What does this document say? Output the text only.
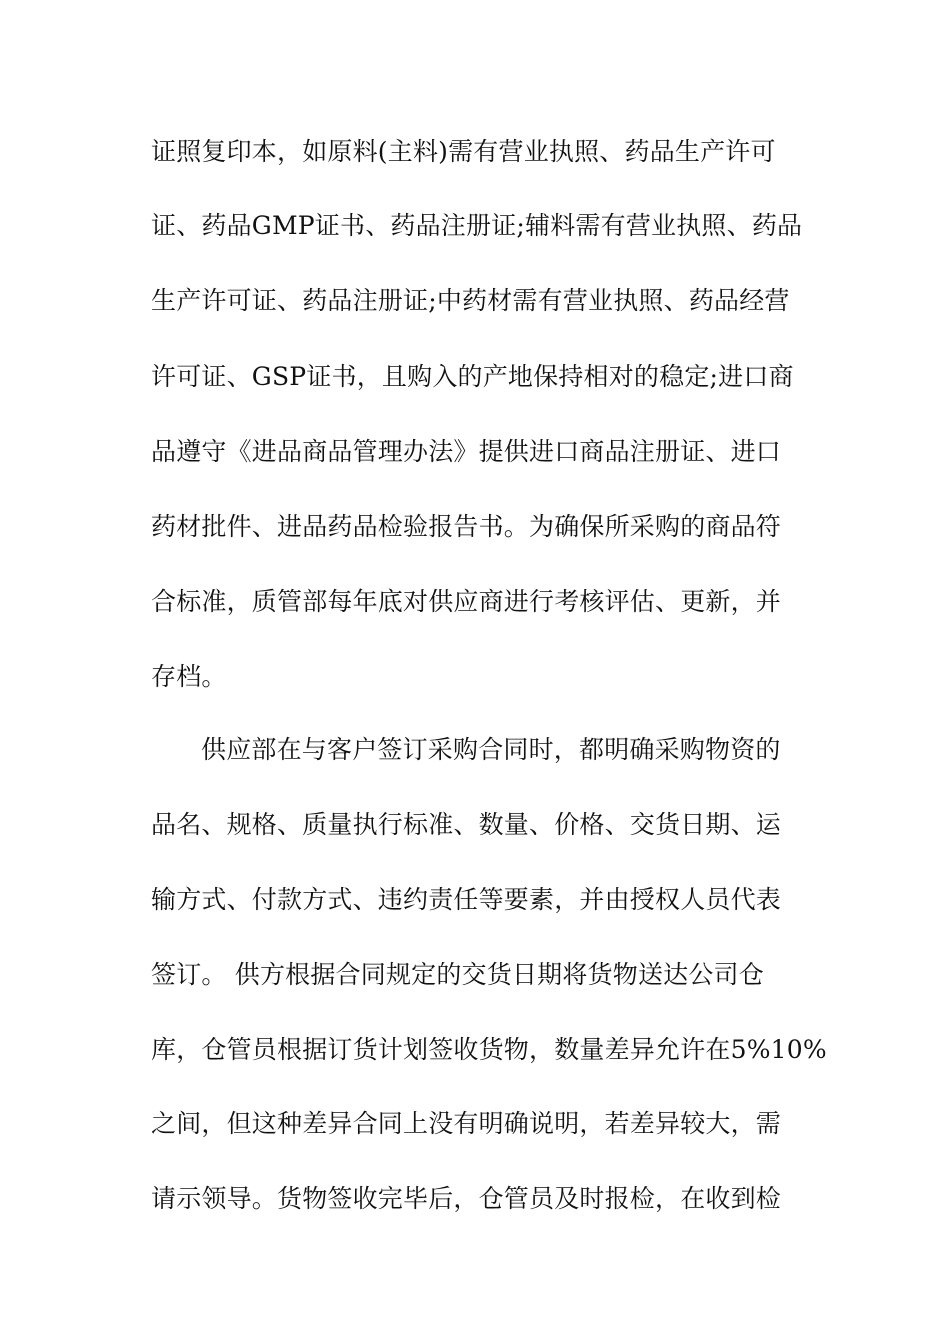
证照复印本，如原料(主料)需有营业执照、药品生产许可
证、药品GMP证书、药品注册证;辅料需有营业执照、药品
生产许可证、药品注册证;中药材需有营业执照、药品经营
许可证、GSP证书，且购入的产地保持相对的稳定;进口商
品遵守《进品商品管理办法》提供进口商品注册证、进口
药材批件、进品药品检验报告书。为确保所采购的商品符
合标准，质管部每年底对供应商进行考核评估、更新，并
存档。
供应部在与客户签订采购合同时，都明确采购物资的
品名、规格、质量执行标准、数量、价格、交货日期、运
输方式、付款方式、违约责任等要素，并由授权人员代表
签订。 供方根据合同规定的交货日期将货物送达公司仓
库，仓管员根据订货计划签收货物，数量差异允许在5%10%
之间，但这种差异合同上没有明确说明，若差异较大，需
请示领导。货物签收完毕后，仓管员及时报检，在收到检
